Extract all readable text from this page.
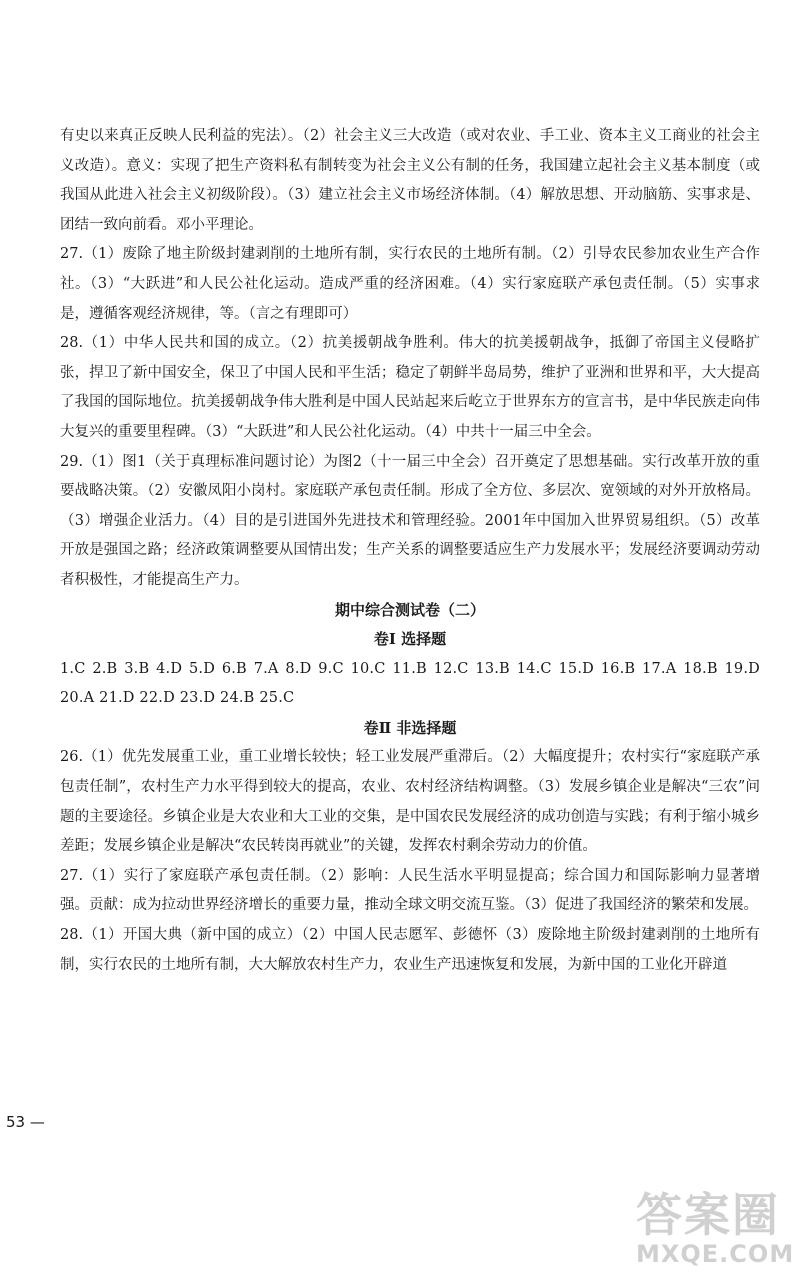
有史以来真正反映人民利益的宪法）。（2）社会主义三大改造（或对农业、手工业、资本主义工商业的社会主义改造）。意义：实现了把生产资料私有制转变为社会主义公有制的任务，我国建立起社会主义基本制度（或我国从此进入社会主义初级阶段）。（3）建立社会主义市场经济体制。（4）解放思想、开动脑筋、实事求是、团结一致向前看。邓小平理论。

27.（1）废除了地主阶级封建剥削的土地所有制，实行农民的土地所有制。（2）引导农民参加农业生产合作社。（3）“大跃进”和人民公社化运动。造成严重的经济困难。（4）实行家庭联产承包责任制。（5）实事求是，遵循客观经济规律，等。（言之有理即可）

28.（1）中华人民共和国的成立。（2）抗美援朝战争胜利。伟大的抗美援朝战争，抵御了帝国主义侵略扩张，捍卫了新中国安全，保卫了中国人民和平生活；稳定了朝鲜半岛局势，维护了亚洲和世界和平，大大提高了我国的国际地位。抗美援朝战争伟大胜利是中国人民站起来后屹立于世界东方的宣言书，是中华民族走向伟大复兴的重要里程碑。（3）“大跃进”和人民公社化运动。（4）中共十一届三中全会。

29.（1）图1（关于真理标准问题讨论）为图2（十一届三中全会）召开奠定了思想基础。实行改革开放的重要战略决策。（2）安徽凤阳小岗村。家庭联产承包责任制。形成了全方位、多层次、宽领域的对外开放格局。（3）增强企业活力。（4）目的是引进国外先进技术和管理经验。2001年中国加入世界贸易组织。（5）改革开放是强国之路；经济政策调整要从国情出发；生产关系的调整要适应生产力发展水平；发展经济要调动劳动者积极性，才能提高生产力。

期中综合测试卷（二）

卷Ⅰ 选择题

1.C 2.B 3.B 4.D 5.D 6.B 7.A 8.D 9.C 10.C 11.B 12.C 13.B 14.C 15.D 16.B 17.A 18.B 19.D 20.A 21.D 22.D 23.D 24.B 25.C

卷Ⅱ 非选择题

26.（1）优先发展重工业，重工业增长较快；轻工业发展严重滞后。（2）大幅度提升；农村实行“家庭联产承包责任制”，农村生产力水平得到较大的提高，农业、农村经济结构调整。（3）发展乡镇企业是解决“三农”问题的主要途径。乡镇企业是大农业和大工业的交集，是中国农民发展经济的成功创造与实践；有利于缩小城乡差距；发展乡镇企业是解决“农民转岗再就业”的关键，发挥农村剩余劳动力的价值。

27.（1）实行了家庭联产承包责任制。（2）影响：人民生活水平明显提高；综合国力和国际影响力显著增强。贡献：成为拉动世界经济增长的重要力量，推动全球文明交流互鉴。（3）促进了我国经济的繁荣和发展。

28.（1）开国大典（新中国的成立）（2）中国人民志愿军、彭德怀（3）废除地主阶级封建剥削的土地所有制，实行农民的土地所有制，大大解放农村生产力，农业生产迅速恢复和发展，为新中国的工业化开辟道

53 —
答案圈
MXQE.COM
